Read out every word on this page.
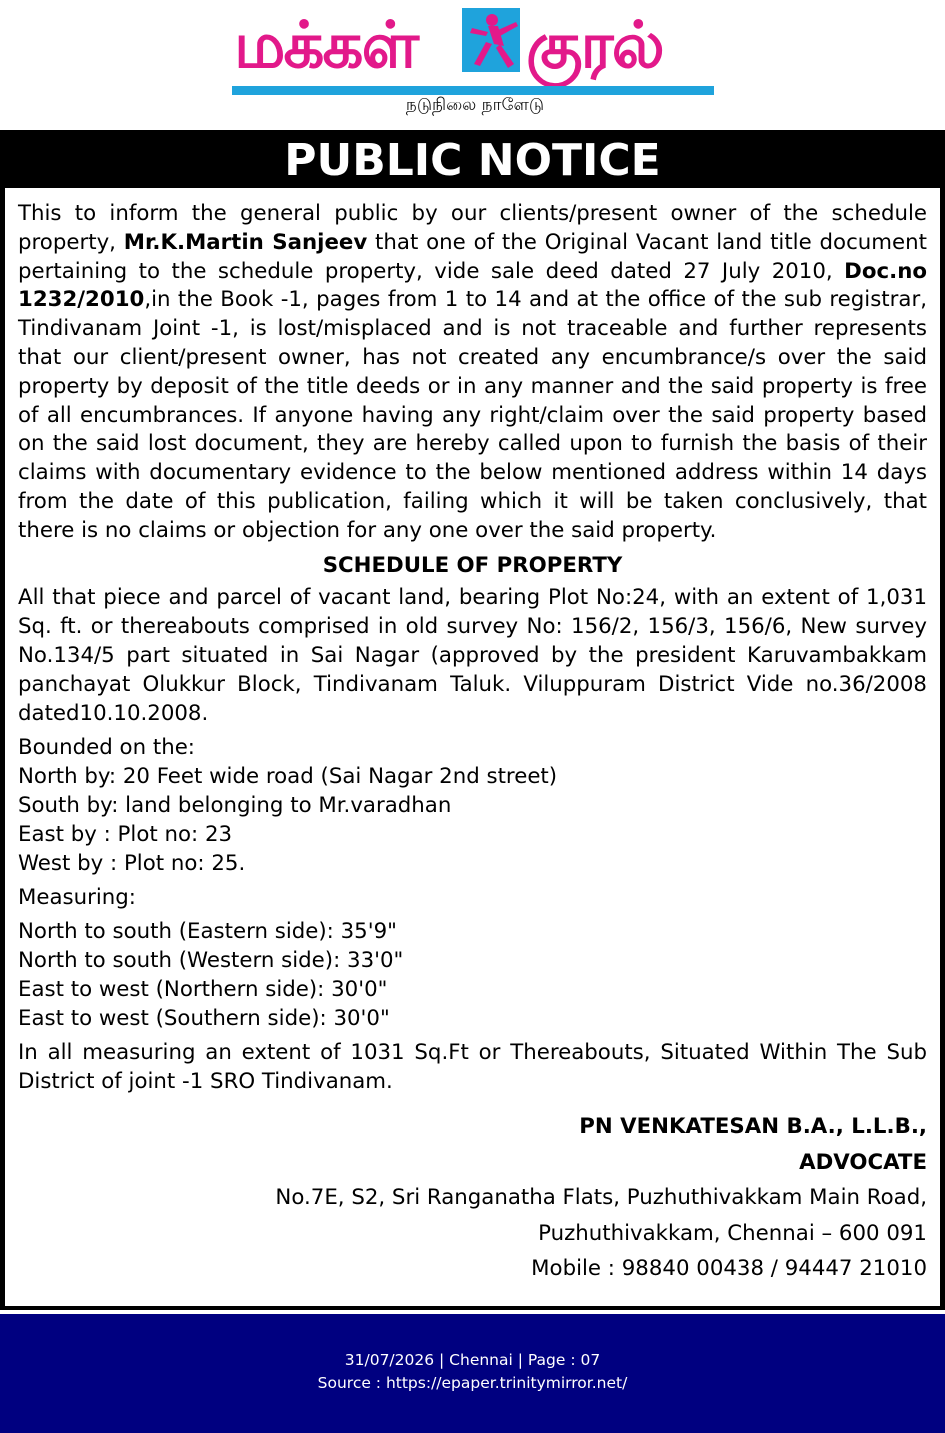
மக்கள்	குரல்
நடுநிலை நாளேடு
PUBLIC NOTICE

This to inform the general public by our clients/present owner of the schedule property, Mr.K.Martin Sanjeev that one of the Original Vacant land title document pertaining to the schedule property, vide sale deed dated 27 July 2010, Doc.no 1232/2010,in the Book -1, pages from 1 to 14 and at the office of the sub registrar, Tindivanam Joint -1, is lost/misplaced and is not traceable and further represents that our client/present owner, has not created any encumbrance/s over the said property by deposit of the title deeds or in any manner and the said property is free of all encumbrances. If anyone having any right/claim over the said property based on the said lost document, they are hereby called upon to furnish the basis of their claims with documentary evidence to the below mentioned address within 14 days from the date of this publication, failing which it will be taken conclusively, that there is no claims or objection for any one over the said property.

SCHEDULE OF PROPERTY

All that piece and parcel of vacant land, bearing Plot No:24, with an extent of 1,031 Sq. ft. or thereabouts comprised in old survey No: 156/2, 156/3, 156/6, New survey No.134/5 part situated in Sai Nagar (approved by the president Karuvambakkam panchayat Olukkur Block, Tindivanam Taluk. Viluppuram District Vide no.36/2008 dated10.10.2008.

Bounded on the:
North by: 20 Feet wide road (Sai Nagar 2nd street)
South by: land belonging to Mr.varadhan
East by : Plot no: 23
West by : Plot no: 25.
Measuring:
North to south (Eastern side): 35'9"
North to south (Western side): 33'0"
East to west (Northern side): 30'0"
East to west (Southern side): 30'0"

In all measuring an extent of 1031 Sq.Ft or Thereabouts, Situated Within The Sub District of joint -1 SRO Tindivanam.

PN VENKATESAN B.A., L.L.B.,
ADVOCATE
No.7E, S2, Sri Ranganatha Flats, Puzhuthivakkam Main Road,
Puzhuthivakkam, Chennai – 600 091
Mobile : 98840 00438 / 94447 21010
31/07/2026 | Chennai | Page : 07
Source : https://epaper.trinitymirror.net/
